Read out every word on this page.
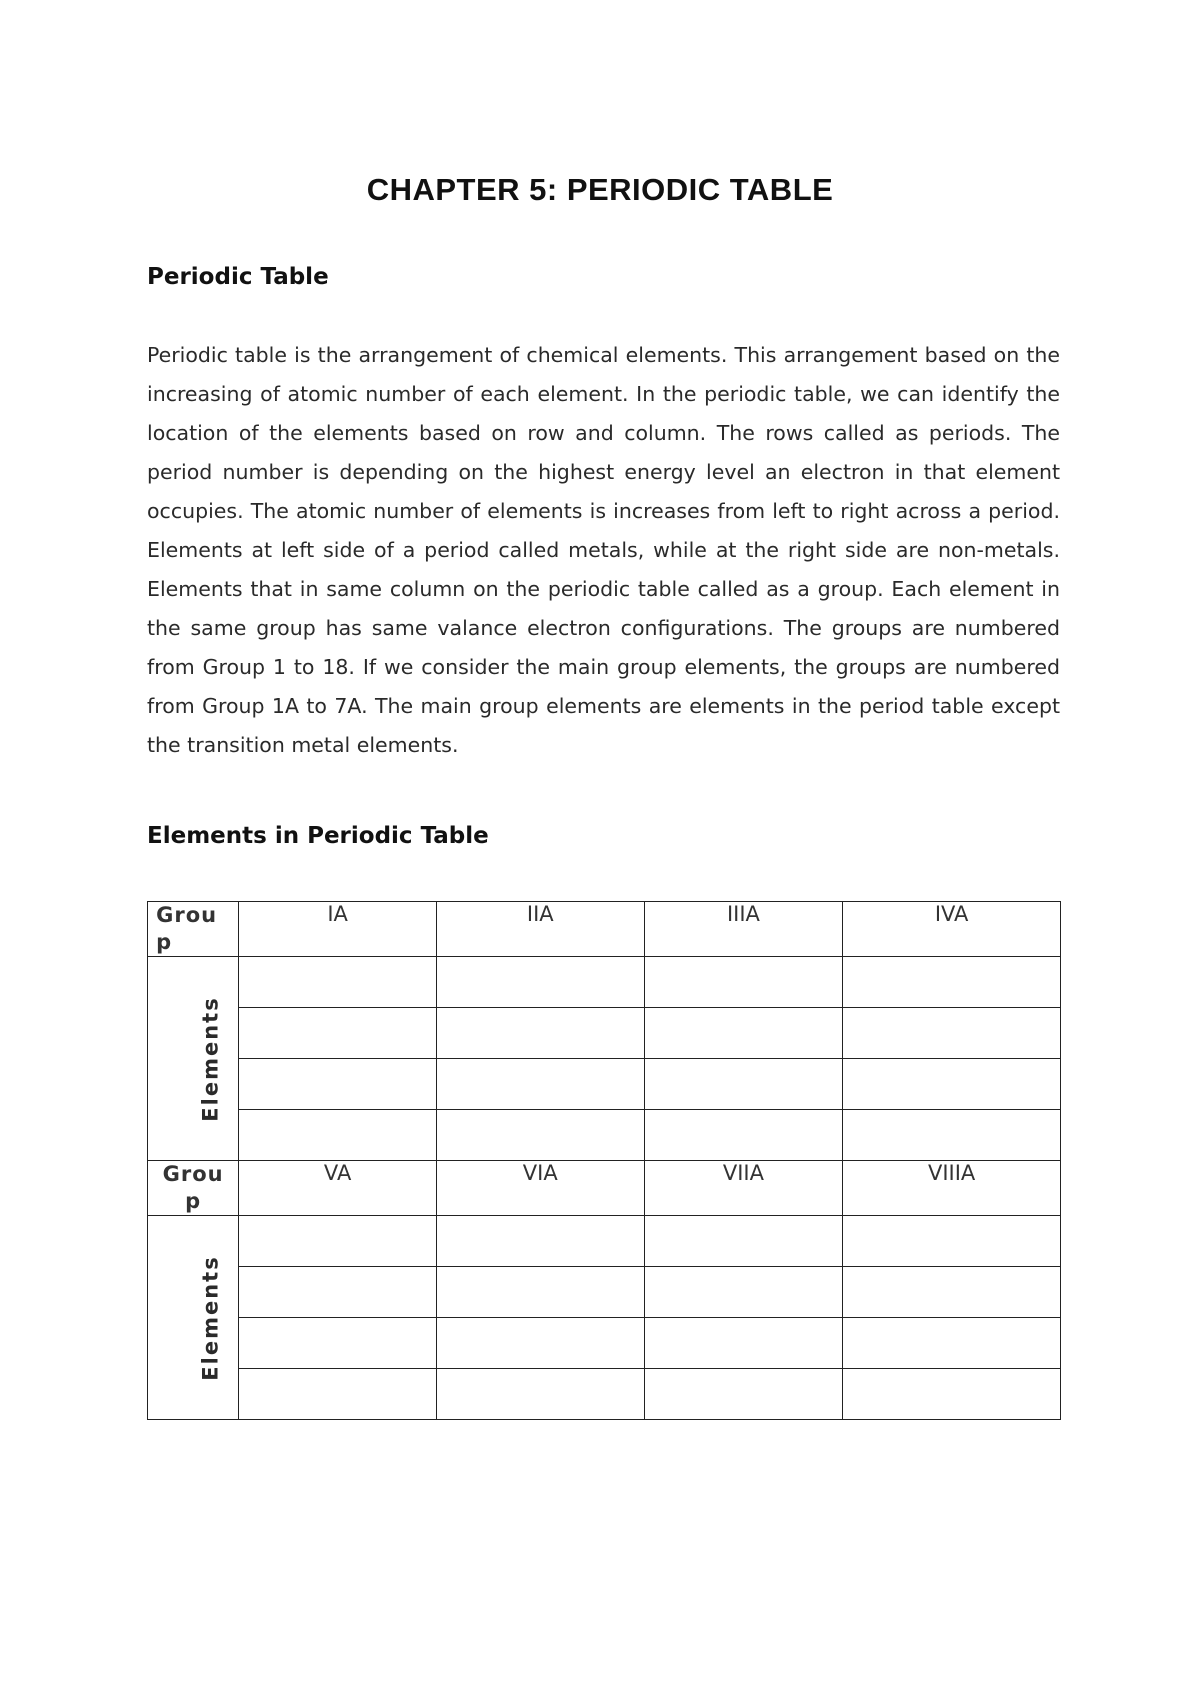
CHAPTER 5: PERIODIC TABLE
Periodic Table

Periodic table is the arrangement of chemical elements. This arrangement based on the increasing of atomic number of each element. In the periodic table, we can identify the location of the elements based on row and column. The rows called as periods. The period number is depending on the highest energy level an electron in that element occupies. The atomic number of elements is increases from left to right across a period. Elements at left side of a period called metals, while at the right side are non-metals. Elements that in same column on the periodic table called as a group. Each element in the same group has same valance electron configurations. The groups are numbered from Group 1 to 18. If we consider the main group elements, the groups are numbered from Group 1A to 7A. The main group elements are elements in the period table except the transition metal elements.

Elements in Periodic Table
Group	IA	IIA	IIIA	IVA
Elements				

Group	VA	VIA	VIIA	VIIIA
Elements				
